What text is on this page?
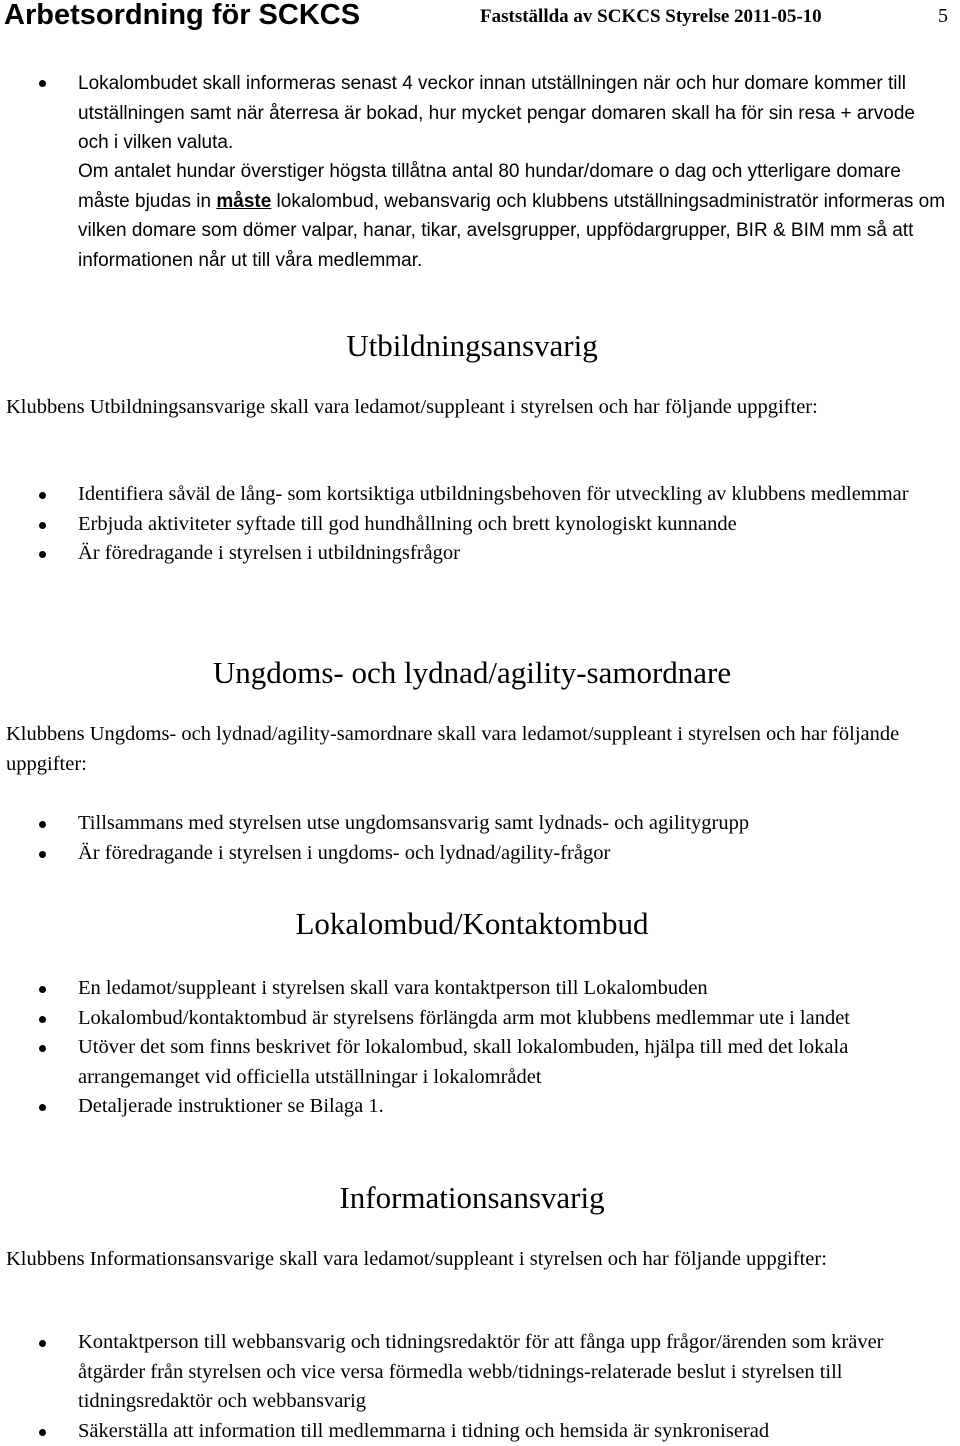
Arbetsordning för SCKCS	Fastställda av SCKCS Styrelse 2011-05-10	5
Lokalombudet skall informeras senast 4 veckor innan utställningen när och hur domare kommer till utställningen samt när återresa är bokad, hur mycket pengar domaren skall ha för sin resa + arvode och i vilken valuta.
Om antalet hundar överstiger högsta tillåtna antal 80 hundar/domare o dag och ytterligare domare måste bjudas in måste lokalombud, webansvarig och klubbens utställningsadministratör informeras om vilken domare som dömer valpar, hanar, tikar, avelsgrupper, uppfödargrupper, BIR & BIM mm så att informationen når ut till våra medlemmar.
Utbildningsansvarig
Klubbens Utbildningsansvarige skall vara ledamot/suppleant i styrelsen och har följande uppgifter:
Identifiera såväl de lång- som kortsiktiga utbildningsbehoven för utveckling av klubbens medlemmar
Erbjuda aktiviteter syftade till god hundhållning och brett kynologiskt kunnande
Är föredragande i styrelsen i utbildningsfrågor
Ungdoms- och lydnad/agility-samordnare
Klubbens Ungdoms- och lydnad/agility-samordnare skall vara ledamot/suppleant i styrelsen och har följande uppgifter:
Tillsammans med styrelsen utse ungdomsansvarig samt lydnads- och agilitygrupp
Är föredragande i styrelsen i ungdoms- och lydnad/agility-frågor
Lokalombud/Kontaktombud
En ledamot/suppleant i styrelsen skall vara kontaktperson till Lokalombuden
Lokalombud/kontaktombud är styrelsens förlängda arm mot klubbens medlemmar ute i landet
Utöver det som finns beskrivet för lokalombud, skall lokalombuden, hjälpa till med det lokala arrangemanget vid officiella utställningar i lokalområdet
Detaljerade instruktioner se Bilaga 1.
Informationsansvarig
Klubbens Informationsansvarige skall vara ledamot/suppleant i styrelsen och har följande uppgifter:
Kontaktperson till webbansvarig och tidningsredaktör för att fånga upp frågor/ärenden som kräver åtgärder från styrelsen och vice versa förmedla webb/tidnings-relaterade beslut i styrelsen till tidningsredaktör och webbansvarig
Säkerställa att information till medlemmarna i tidning och hemsida är synkroniserad
